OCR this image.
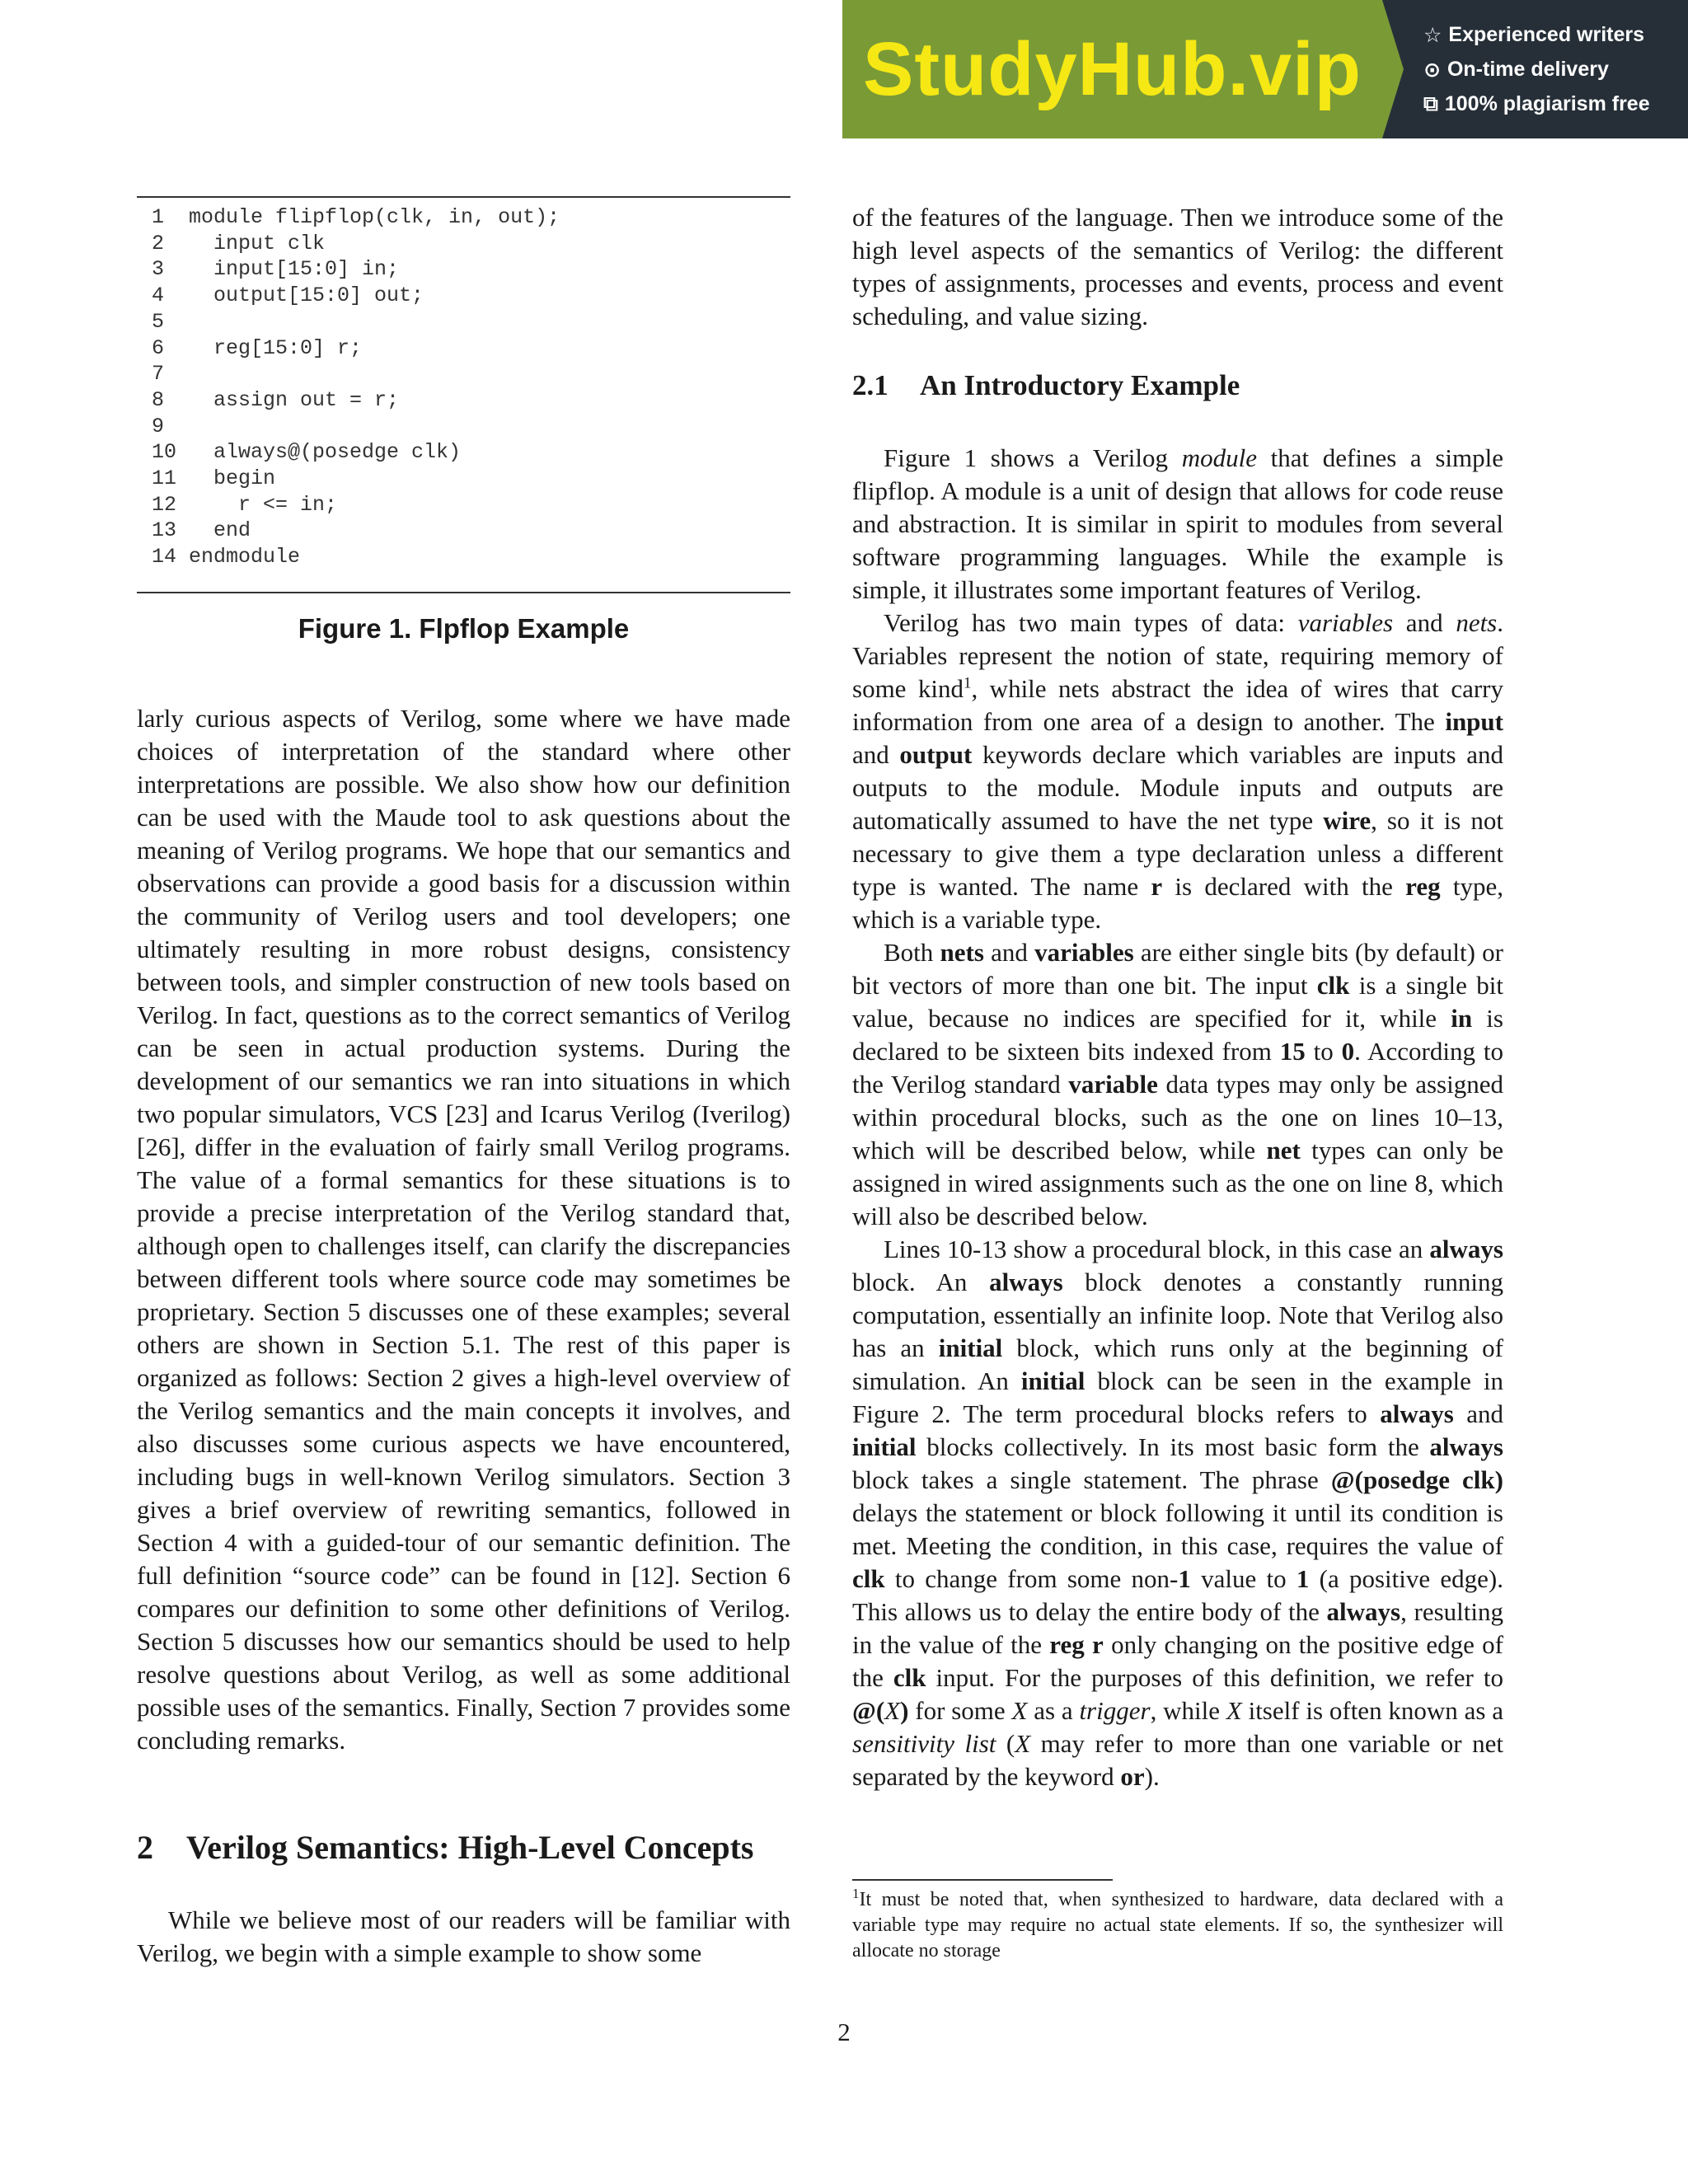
StudyHub.vip	☆ Experienced writers
⊙ On-time delivery
⧉ 100% plagiarism free
1  module flipflop(clk, in, out);
2    input clk
3    input[15:0] in;
4    output[15:0] out;
5
6    reg[15:0] r;
7
8    assign out = r;
9
10   always@(posedge clk)
11   begin
12     r <= in;
13   end
14 endmodule
Figure 1. Flpflop Example
larly curious aspects of Verilog, some where we have made choices of interpretation of the standard where other interpretations are possible. We also show how our definition can be used with the Maude tool to ask questions about the meaning of Verilog programs. We hope that our semantics and observations can provide a good basis for a discussion within the community of Verilog users and tool developers; one ultimately resulting in more robust designs, consistency between tools, and simpler construction of new tools based on Verilog. In fact, questions as to the correct semantics of Verilog can be seen in actual production systems. During the development of our semantics we ran into situations in which two popular simulators, VCS [23] and Icarus Verilog (Iverilog) [26], differ in the evaluation of fairly small Verilog programs. The value of a formal semantics for these situations is to provide a precise interpretation of the Verilog standard that, although open to challenges itself, can clarify the discrepancies between different tools where source code may sometimes be proprietary. Section 5 discusses one of these examples; several others are shown in Section 5.1. The rest of this paper is organized as follows: Section 2 gives a high-level overview of the Verilog semantics and the main concepts it involves, and also discusses some curious aspects we have encountered, including bugs in well-known Verilog simulators. Section 3 gives a brief overview of rewriting semantics, followed in Section 4 with a guided-tour of our semantic definition. The full definition “source code” can be found in [12]. Section 6 compares our definition to some other definitions of Verilog. Section 5 discusses how our semantics should be used to help resolve questions about Verilog, as well as some additional possible uses of the semantics. Finally, Section 7 provides some concluding remarks.
2 Verilog Semantics: High-Level Concepts
While we believe most of our readers will be familiar with Verilog, we begin with a simple example to show some
of the features of the language. Then we introduce some of the high level aspects of the semantics of Verilog: the different types of assignments, processes and events, process and event scheduling, and value sizing.
2.1 An Introductory Example

Figure 1 shows a Verilog module that defines a simple flipflop. A module is a unit of design that allows for code reuse and abstraction. It is similar in spirit to modules from several software programming languages. While the example is simple, it illustrates some important features of Verilog.

Verilog has two main types of data: variables and nets. Variables represent the notion of state, requiring memory of some kind$^1$, while nets abstract the idea of wires that carry information from one area of a design to another. The input and output keywords declare which variables are inputs and outputs to the module. Module inputs and outputs are automatically assumed to have the net type wire, so it is not necessary to give them a type declaration unless a different type is wanted. The name r is declared with the reg type, which is a variable type.

Both nets and variables are either single bits (by default) or bit vectors of more than one bit. The input clk is a single bit value, because no indices are specified for it, while in is declared to be sixteen bits indexed from 15 to 0. According to the Verilog standard variable data types may only be assigned within procedural blocks, such as the one on lines 10–13, which will be described below, while net types can only be assigned in wired assignments such as the one on line 8, which will also be described below.

Lines 10-13 show a procedural block, in this case an always block. An always block denotes a constantly running computation, essentially an infinite loop. Note that Verilog also has an initial block, which runs only at the beginning of simulation. An initial block can be seen in the example in Figure 2. The term procedural blocks refers to always and initial blocks collectively. In its most basic form the always block takes a single statement. The phrase @(posedge clk) delays the statement or block following it until its condition is met. Meeting the condition, in this case, requires the value of clk to change from some non-1 value to 1 (a positive edge). This allows us to delay the entire body of the always, resulting in the value of the reg r only changing on the positive edge of the clk input. For the purposes of this definition, we refer to @(X) for some X as a trigger, while X itself is often known as a sensitivity list (X may refer to more than one variable or net separated by the keyword or).

$^1$It must be noted that, when synthesized to hardware, data declared with a variable type may require no actual state elements. If so, the synthesizer will allocate no storage
2
